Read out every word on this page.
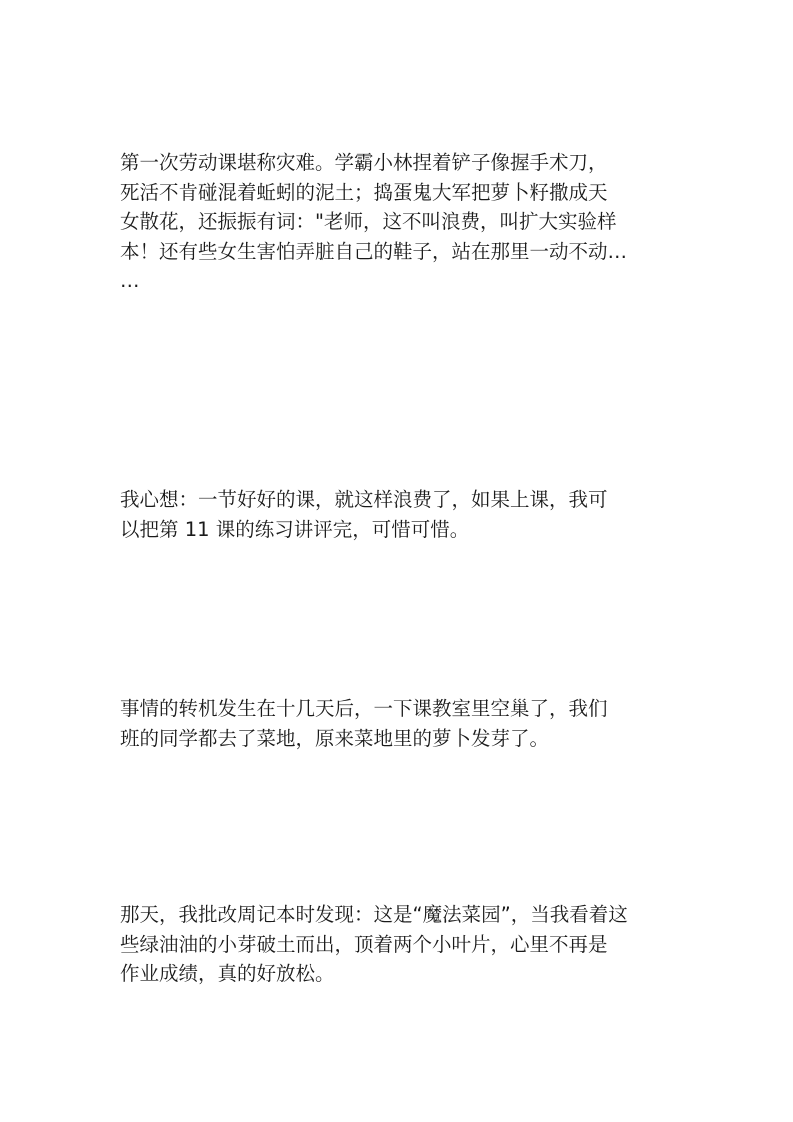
第一次劳动课堪称灾难。学霸小林捏着铲子像握手术刀，
死活不肯碰混着蚯蚓的泥土；捣蛋鬼大军把萝卜籽撒成天
女散花，还振振有词："老师，这不叫浪费，叫扩大实验样
本！还有些女生害怕弄脏自己的鞋子，站在那里一动不动…
…

我心想：一节好好的课，就这样浪费了，如果上课，我可
以把第 11 课的练习讲评完，可惜可惜。

事情的转机发生在十几天后，一下课教室里空巢了，我们
班的同学都去了菜地，原来菜地里的萝卜发芽了。

那天，我批改周记本时发现：这是“魔法菜园”，当我看着这
些绿油油的小芽破土而出，顶着两个小叶片，心里不再是
作业成绩，真的好放松。
